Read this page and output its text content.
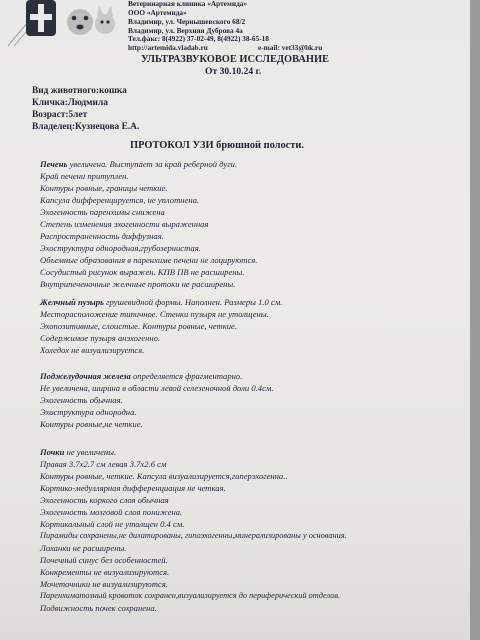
Ветеринарная клиника «Артемида»
ООО «Артемида»
Владимир, ул. Чернышевского 68/2
Владимир, ул. Верхняя Дуброва 4а
Тел.факс: 8(4922) 37-02-49, 8(4922) 38-65-18
http://artemida.vladab.ru	e-mail: vet33@bk.ru
УЛЬТРАЗВУКОВОЕ ИССЛЕДОВАНИЕ
От 30.10.24 г.
Вид животного:кошка
Кличка:Людмила
Возраст:5лет
Владелец:Кузнецова Е.А.
ПРОТОКОЛ УЗИ брюшной полости.
Печень увеличена. Выступает за край реберной дуги.
Край печени притуплен.
Контуры ровные, границы четкие.
Капсула дифференцируется, не уплотнена.
Эхогенность паренхимы снижена
Степень изменения эхогенности выраженная
Распространенность диффузная.
Эхоструктура однородная,грубозернистая.
Объемные образования в паренхиме печени не лоцируются.
Сосудистый рисунок выражен. КПВ ПВ не расширены.
Внутрипеченочные желчные протоки не расширены.
Желчный пузырь грушевидной формы. Наполнен. Размеры 1.0 см.
Месторасположение типичное. Стенки пузыря не утолщены.
Эхопозитивные, слоистые. Контуры ровные, четкие.
Содержимое пузыря анэхогенно.
Холедох не визуализируется.
Поджелудочная железа определяется фрагментарно.
Не увеличена, ширина в области левой селезеночной доли 0.4см.
Эхогенность обычная.
Эхоструктура однородна.
Контуры ровные,не четкие.
Почки не увеличены.
Правая 3.7х2.7 см левая 3.7х2.6 см
Контуры ровные, четкие. Капсула визуализируется,гиперэхогенна..
Кортико-медуллярная дифференциация не четкая.
Эхогенность коркого слоя обычная
Эхогенность мозговой слоя понижена.
Кортикальный слой не утолщен 0.4 см.
Пирамиды сохранены,не дилатированы, гипоэхогенны,минерализированы у основания.
Лоханки не расширены.
Почечный синус без особенностей.
Конкременты не визуализируются.
Мочеточники не визуализируются.
Паренхиматозный кровоток сохранен,визуализируется до периферический отделов.
Подвижность почек сохранена.
